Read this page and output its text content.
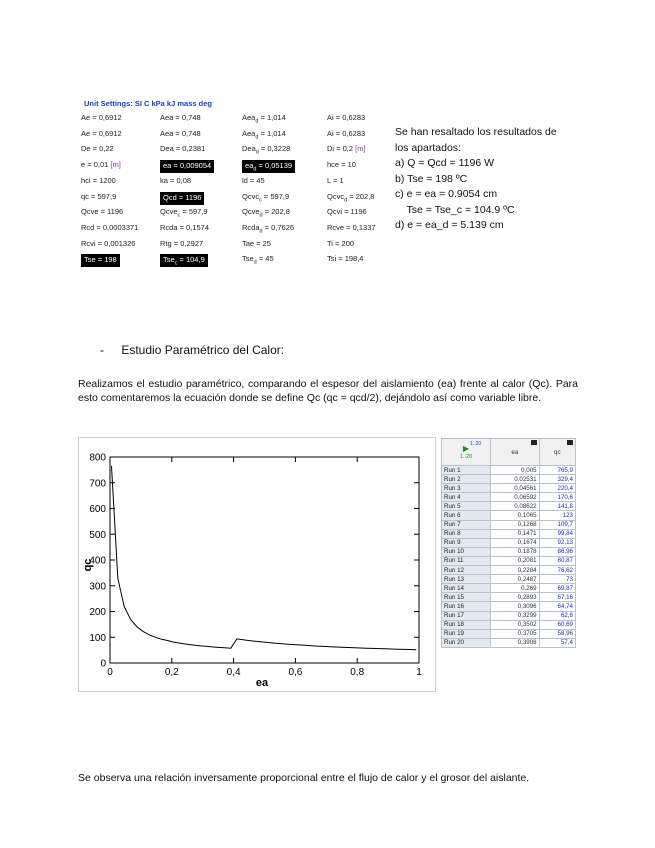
Unit Settings: SI C kPa kJ mass deg
Ae = 0,6912	Aea = 0,748	Aea$_d$ = 1,014	Ai = 0,6283
Ae = 0,6912	Aea = 0,748	Aea$_d$ = 1,014	Ai = 0,6283
De = 0,22	Dea = 0,2381	Dea$_d$ = 0,3228	Di = 0,2 [m]
e = 0,01 [m]	ea = 0,009054	$ea_d = 0,05139$	hce = 10
hci = 1200	ka = 0,08	ld = 45	L = 1
qc = 597,9	Qcd = 1196	Qcvc$_c$ = 597,9	Qcvc$_d$ = 202,8
Qcve = 1196	Qcve$_c$ = 597,9	Qcve$_d$ = 202,8	Qcvi = 1196
Rcd = 0,0003371	Rcda = 0,1574	Rcda$_d$ = 0,7626	Rcve = 0,1337
Rcvi = 0,001326	Rtg = 0,2927	Tae = 25	Ti = 200
Tse = 198	Tse$_c$ = 104,9	Tse$_d$ = 45	Tsi = 198,4
Se han resaltado los resultados de
los apartados:
a) Q = Qcd = 1196 W
b) Tse = 198 ºC
c) e = ea = 0.9054 cm
Tse = Tse_c = 104.9 ºC
d) e = ea_d = 5.139 cm
- Estudio Paramétrico del Calor:
Realizamos el estudio paramétrico, comparando el espesor del aislamiento (ea) frente al calor (Qc). Para esto comentaremos la ecuación donde se define Qc (qc = qcd/2), dejándolo así como variable libre.
0
100
200
300
400
500
600
700
800
0	0,2	0,4	0,6	0,8	1
ea
qc
▶
1..20
1..20	ea	qc

Run 1	0,005	765,9
Run 2	0,02531	329,4
Run 3	0,04561	220,4
Run 4	0,06592	170,6
Run 5	0,08622	141,8
Run 6	0,1065	123
Run 7	0,1268	109,7
Run 8	0,1471	99,84
Run 9	0,1674	92,13
Run 10	0,1878	86,96
Run 11	0,2081	80,87
Run 12	0,2284	76,62
Run 13	0,2487	73
Run 14	0,269	69,87
Run 15	0,2893	67,16
Run 16	0,3096	64,74
Run 17	0,3299	62,6
Run 18	0,3502	60,69
Run 19	0,3705	58,96
Run 20	0,3908	57,4
Se observa una relación inversamente proporcional entre el flujo de calor y el grosor del aislante.
